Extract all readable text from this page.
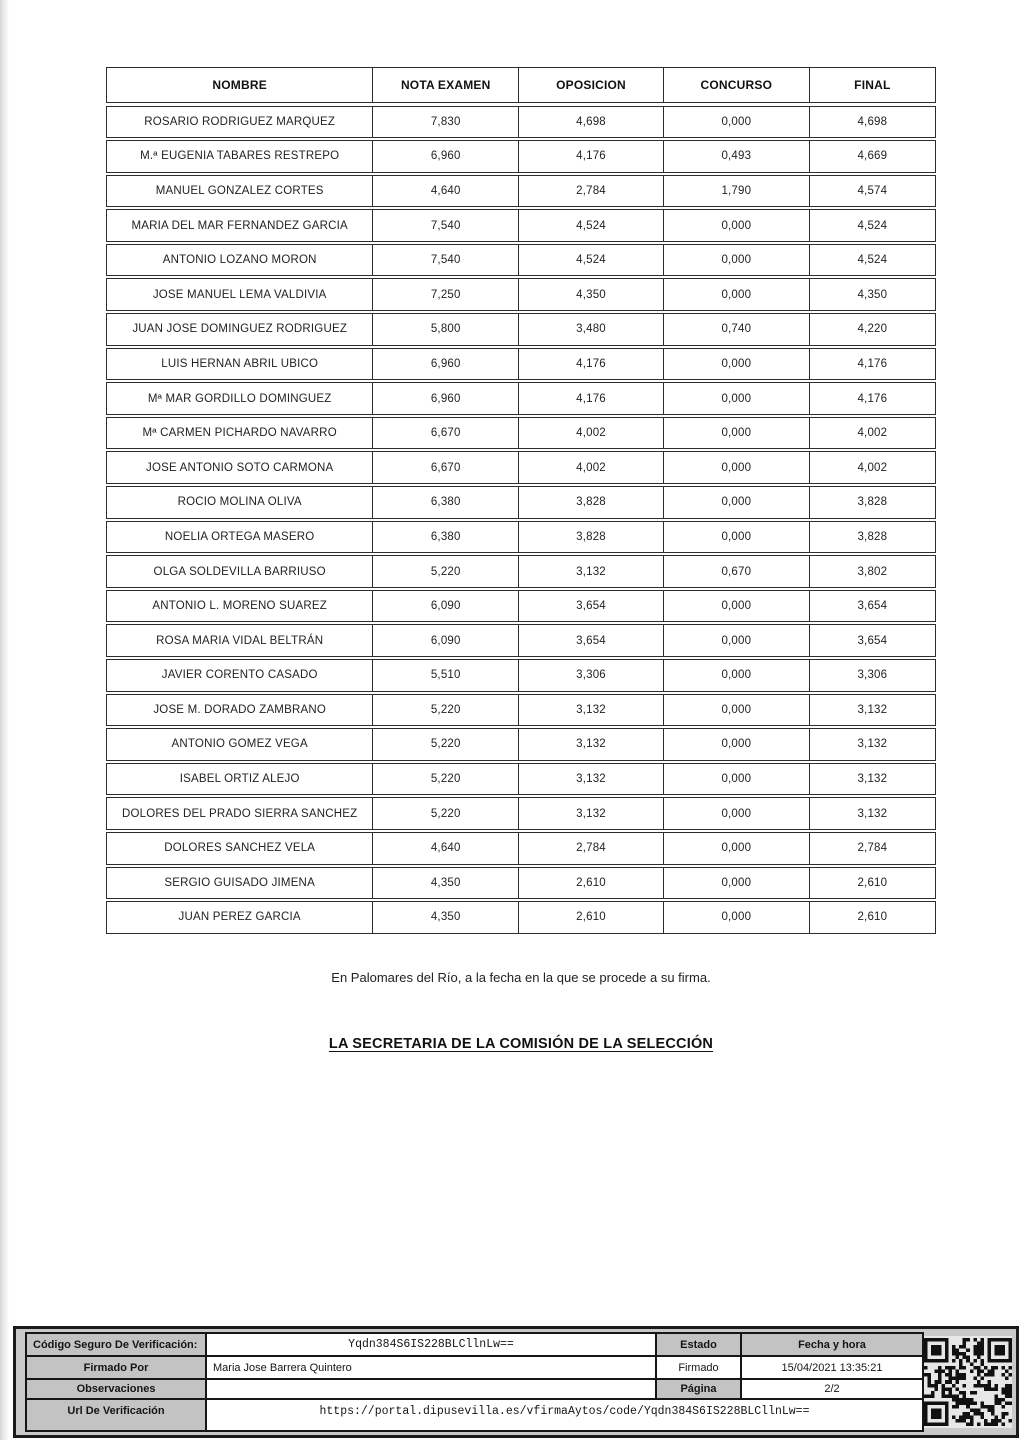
NOMBRE	NOTA EXAMEN	OPOSICION	CONCURSO	FINAL
ROSARIO RODRIGUEZ MARQUEZ	7,830	4,698	0,000	4,698
M.ª EUGENIA TABARES RESTREPO	6,960	4,176	0,493	4,669
MANUEL GONZALEZ CORTES	4,640	2,784	1,790	4,574
MARIA DEL MAR FERNANDEZ GARCIA	7,540	4,524	0,000	4,524
ANTONIO LOZANO MORON	7,540	4,524	0,000	4,524
JOSE MANUEL LEMA VALDIVIA	7,250	4,350	0,000	4,350
JUAN JOSE DOMINGUEZ RODRIGUEZ	5,800	3,480	0,740	4,220
LUIS HERNAN ABRIL UBICO	6,960	4,176	0,000	4,176
Mª MAR GORDILLO DOMINGUEZ	6,960	4,176	0,000	4,176
Mª CARMEN PICHARDO NAVARRO	6,670	4,002	0,000	4,002
JOSE ANTONIO SOTO CARMONA	6,670	4,002	0,000	4,002
ROCIO MOLINA OLIVA	6,380	3,828	0,000	3,828
NOELIA ORTEGA MASERO	6,380	3,828	0,000	3,828
OLGA SOLDEVILLA BARRIUSO	5,220	3,132	0,670	3,802
ANTONIO L. MORENO SUAREZ	6,090	3,654	0,000	3,654
ROSA MARIA VIDAL BELTRÁN	6,090	3,654	0,000	3,654
JAVIER CORENTO CASADO	5,510	3,306	0,000	3,306
JOSE M. DORADO ZAMBRANO	5,220	3,132	0,000	3,132
ANTONIO GOMEZ VEGA	5,220	3,132	0,000	3,132
ISABEL ORTIZ ALEJO	5,220	3,132	0,000	3,132
DOLORES DEL PRADO SIERRA SANCHEZ	5,220	3,132	0,000	3,132
DOLORES SANCHEZ VELA	4,640	2,784	0,000	2,784
SERGIO GUISADO JIMENA	4,350	2,610	0,000	2,610
JUAN PEREZ GARCIA	4,350	2,610	0,000	2,610
En Palomares del Río, a la fecha en la que se procede a su firma.
LA SECRETARIA DE LA COMISIÓN DE LA SELECCIÓN
Código Seguro De Verificación:	Yqdn384S6IS228BLCllnLw==	Estado	Fecha y hora
Firmado Por	Maria Jose Barrera Quintero	Firmado	15/04/2021 13:35:21
Observaciones		Página	2/2
Url De Verificación	https://portal.dipusevilla.es/vfirmaAytos/code/Yqdn384S6IS228BLCllnLw==		
